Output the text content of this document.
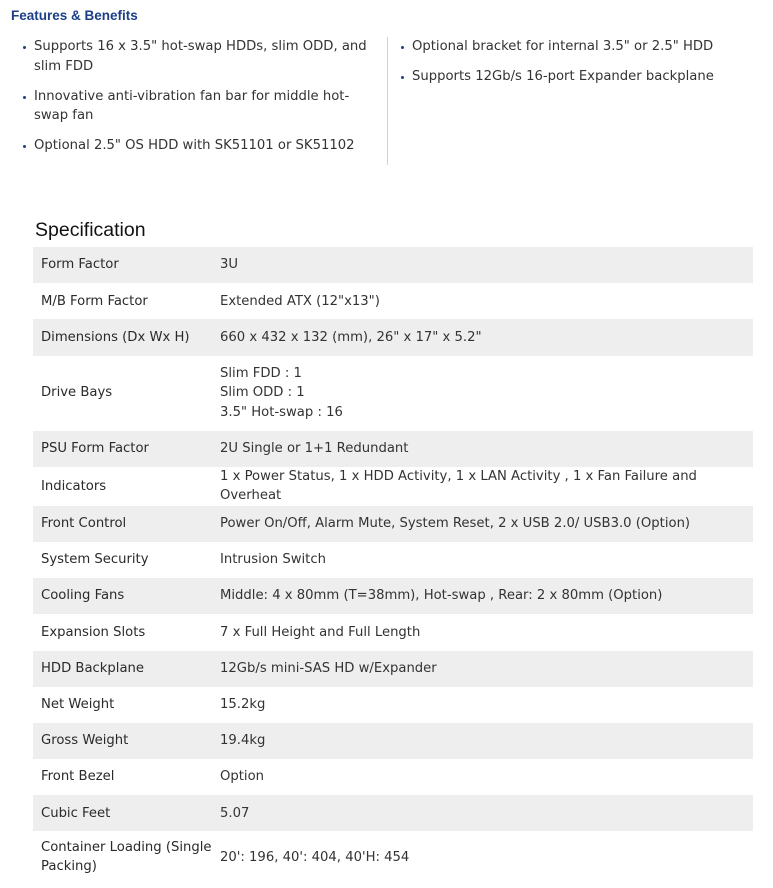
Features & Benefits
Supports 16 x 3.5" hot-swap HDDs, slim ODD, and slim FDD
Innovative anti-vibration fan bar for middle hot-swap fan
Optional 2.5" OS HDD with SK51101 or SK51102
Optional bracket for internal 3.5" or 2.5" HDD
Supports 12Gb/s 16-port Expander backplane
Specification
Form Factor	3U
M/B Form Factor	Extended ATX (12"x13")
Dimensions (Dx Wx H)	660 x 432 x 132 (mm), 26" x 17" x 5.2"
Drive Bays	Slim FDD : 1
Slim ODD : 1
3.5" Hot-swap : 16

PSU Form Factor	2U Single or 1+1 Redundant
Indicators	1 x Power Status, 1 x HDD Activity, 1 x LAN Activity , 1 x Fan Failure and Overheat
Front Control	Power On/Off, Alarm Mute, System Reset, 2 x USB 2.0/ USB3.0 (Option)
System Security	Intrusion Switch
Cooling Fans	Middle: 4 x 80mm (T=38mm), Hot-swap , Rear: 2 x 80mm (Option)
Expansion Slots	7 x Full Height and Full Length
HDD Backplane	12Gb/s mini-SAS HD w/Expander
Net Weight	15.2kg
Gross Weight	19.4kg
Front Bezel	Option
Cubic Feet	5.07
Container Loading (Single Packing)	20': 196, 40': 404, 40'H: 454
